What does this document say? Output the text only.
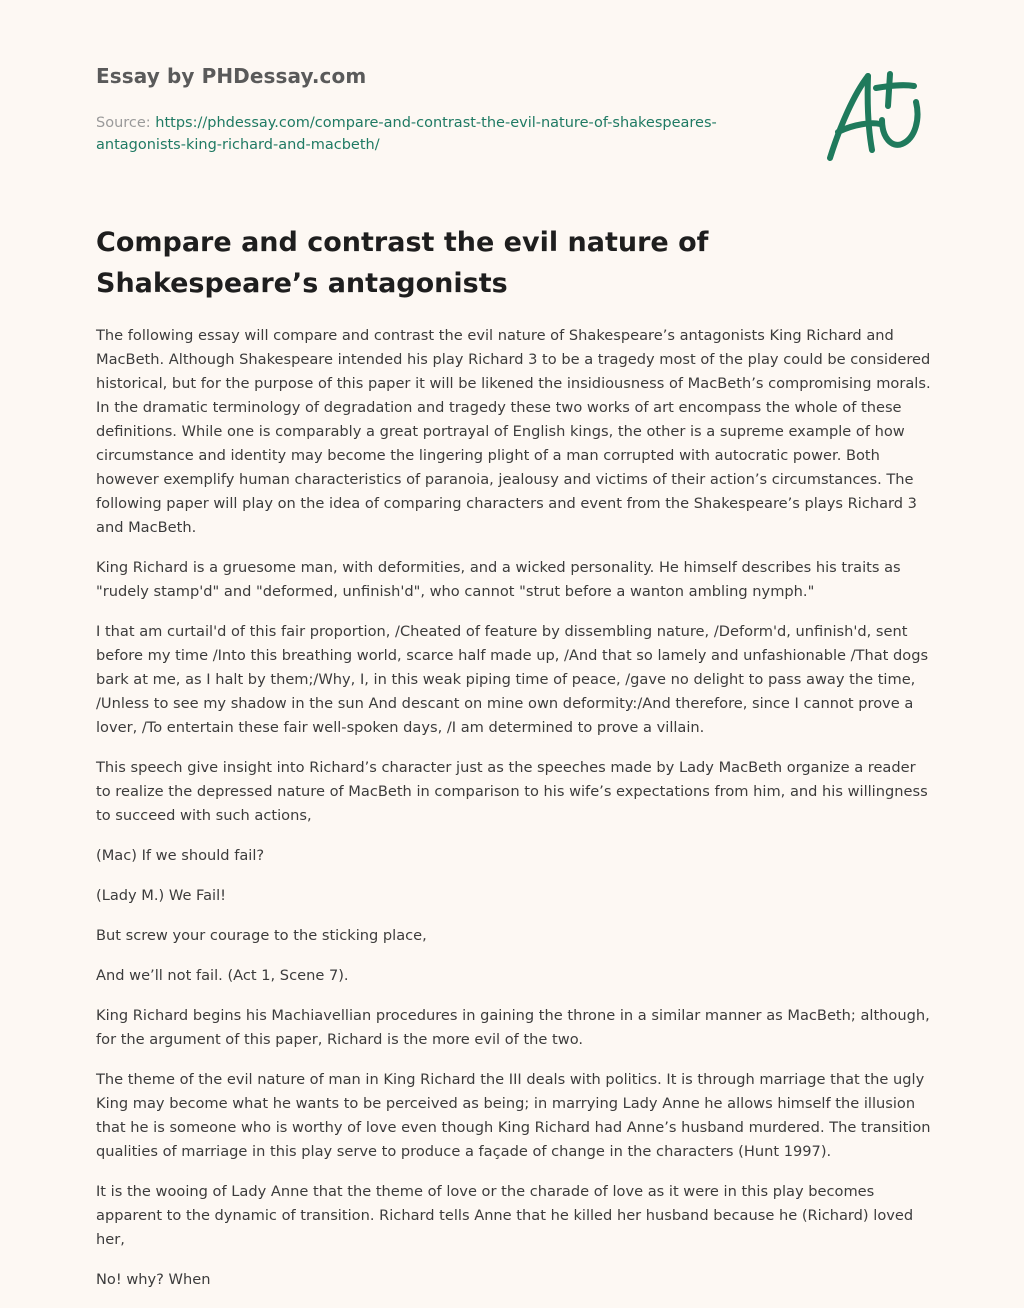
Essay by PHDessay.com
Source: https://phdessay.com/compare-and-contrast-the-evil-nature-of-shakespeares-antagonists-king-richard-and-macbeth/
Compare and contrast the evil nature of Shakespeare’s antagonists

The following essay will compare and contrast the evil nature of Shakespeare’s antagonists King Richard and MacBeth. Although Shakespeare intended his play Richard 3 to be a tragedy most of the play could be considered historical, but for the purpose of this paper it will be likened the insidiousness of MacBeth’s compromising morals. In the dramatic terminology of degradation and tragedy these two works of art encompass the whole of these definitions. While one is comparably a great portrayal of English kings, the other is a supreme example of how circumstance and identity may become the lingering plight of a man corrupted with autocratic power. Both however exemplify human characteristics of paranoia, jealousy and victims of their action’s circumstances. The following paper will play on the idea of comparing characters and event from the Shakespeare’s plays Richard 3 and MacBeth.

King Richard is a gruesome man, with deformities, and a wicked personality. He himself describes his traits as "rudely stamp'd" and "deformed, unfinish'd", who cannot "strut before a wanton ambling nymph."

I that am curtail'd of this fair proportion, /Cheated of feature by dissembling nature, /Deform'd, unfinish'd, sent before my time /Into this breathing world, scarce half made up, /And that so lamely and unfashionable /That dogs bark at me, as I halt by them;/Why, I, in this weak piping time of peace, /gave no delight to pass away the time, /Unless to see my shadow in the sun And descant on mine own deformity:/And therefore, since I cannot prove a lover, /To entertain these fair well-spoken days, /I am determined to prove a villain.

This speech give insight into Richard’s character just as the speeches made by Lady MacBeth organize a reader to realize the depressed nature of MacBeth in comparison to his wife’s expectations from him, and his willingness to succeed with such actions,

(Mac) If we should fail?

(Lady M.) We Fail!

But screw your courage to the sticking place,

And we’ll not fail. (Act 1, Scene 7).

King Richard begins his Machiavellian procedures in gaining the throne in a similar manner as MacBeth; although, for the argument of this paper, Richard is the more evil of the two.

The theme of the evil nature of man in King Richard the III deals with politics. It is through marriage that the ugly King may become what he wants to be perceived as being; in marrying Lady Anne he allows himself the illusion that he is someone who is worthy of love even though King Richard had Anne’s husband murdered. The transition qualities of marriage in this play serve to produce a façade of change in the characters (Hunt 1997).

It is the wooing of Lady Anne that the theme of love or the charade of love as it were in this play becomes apparent to the dynamic of transition. Richard tells Anne that he killed her husband because he (Richard) loved her,

No! why? When
